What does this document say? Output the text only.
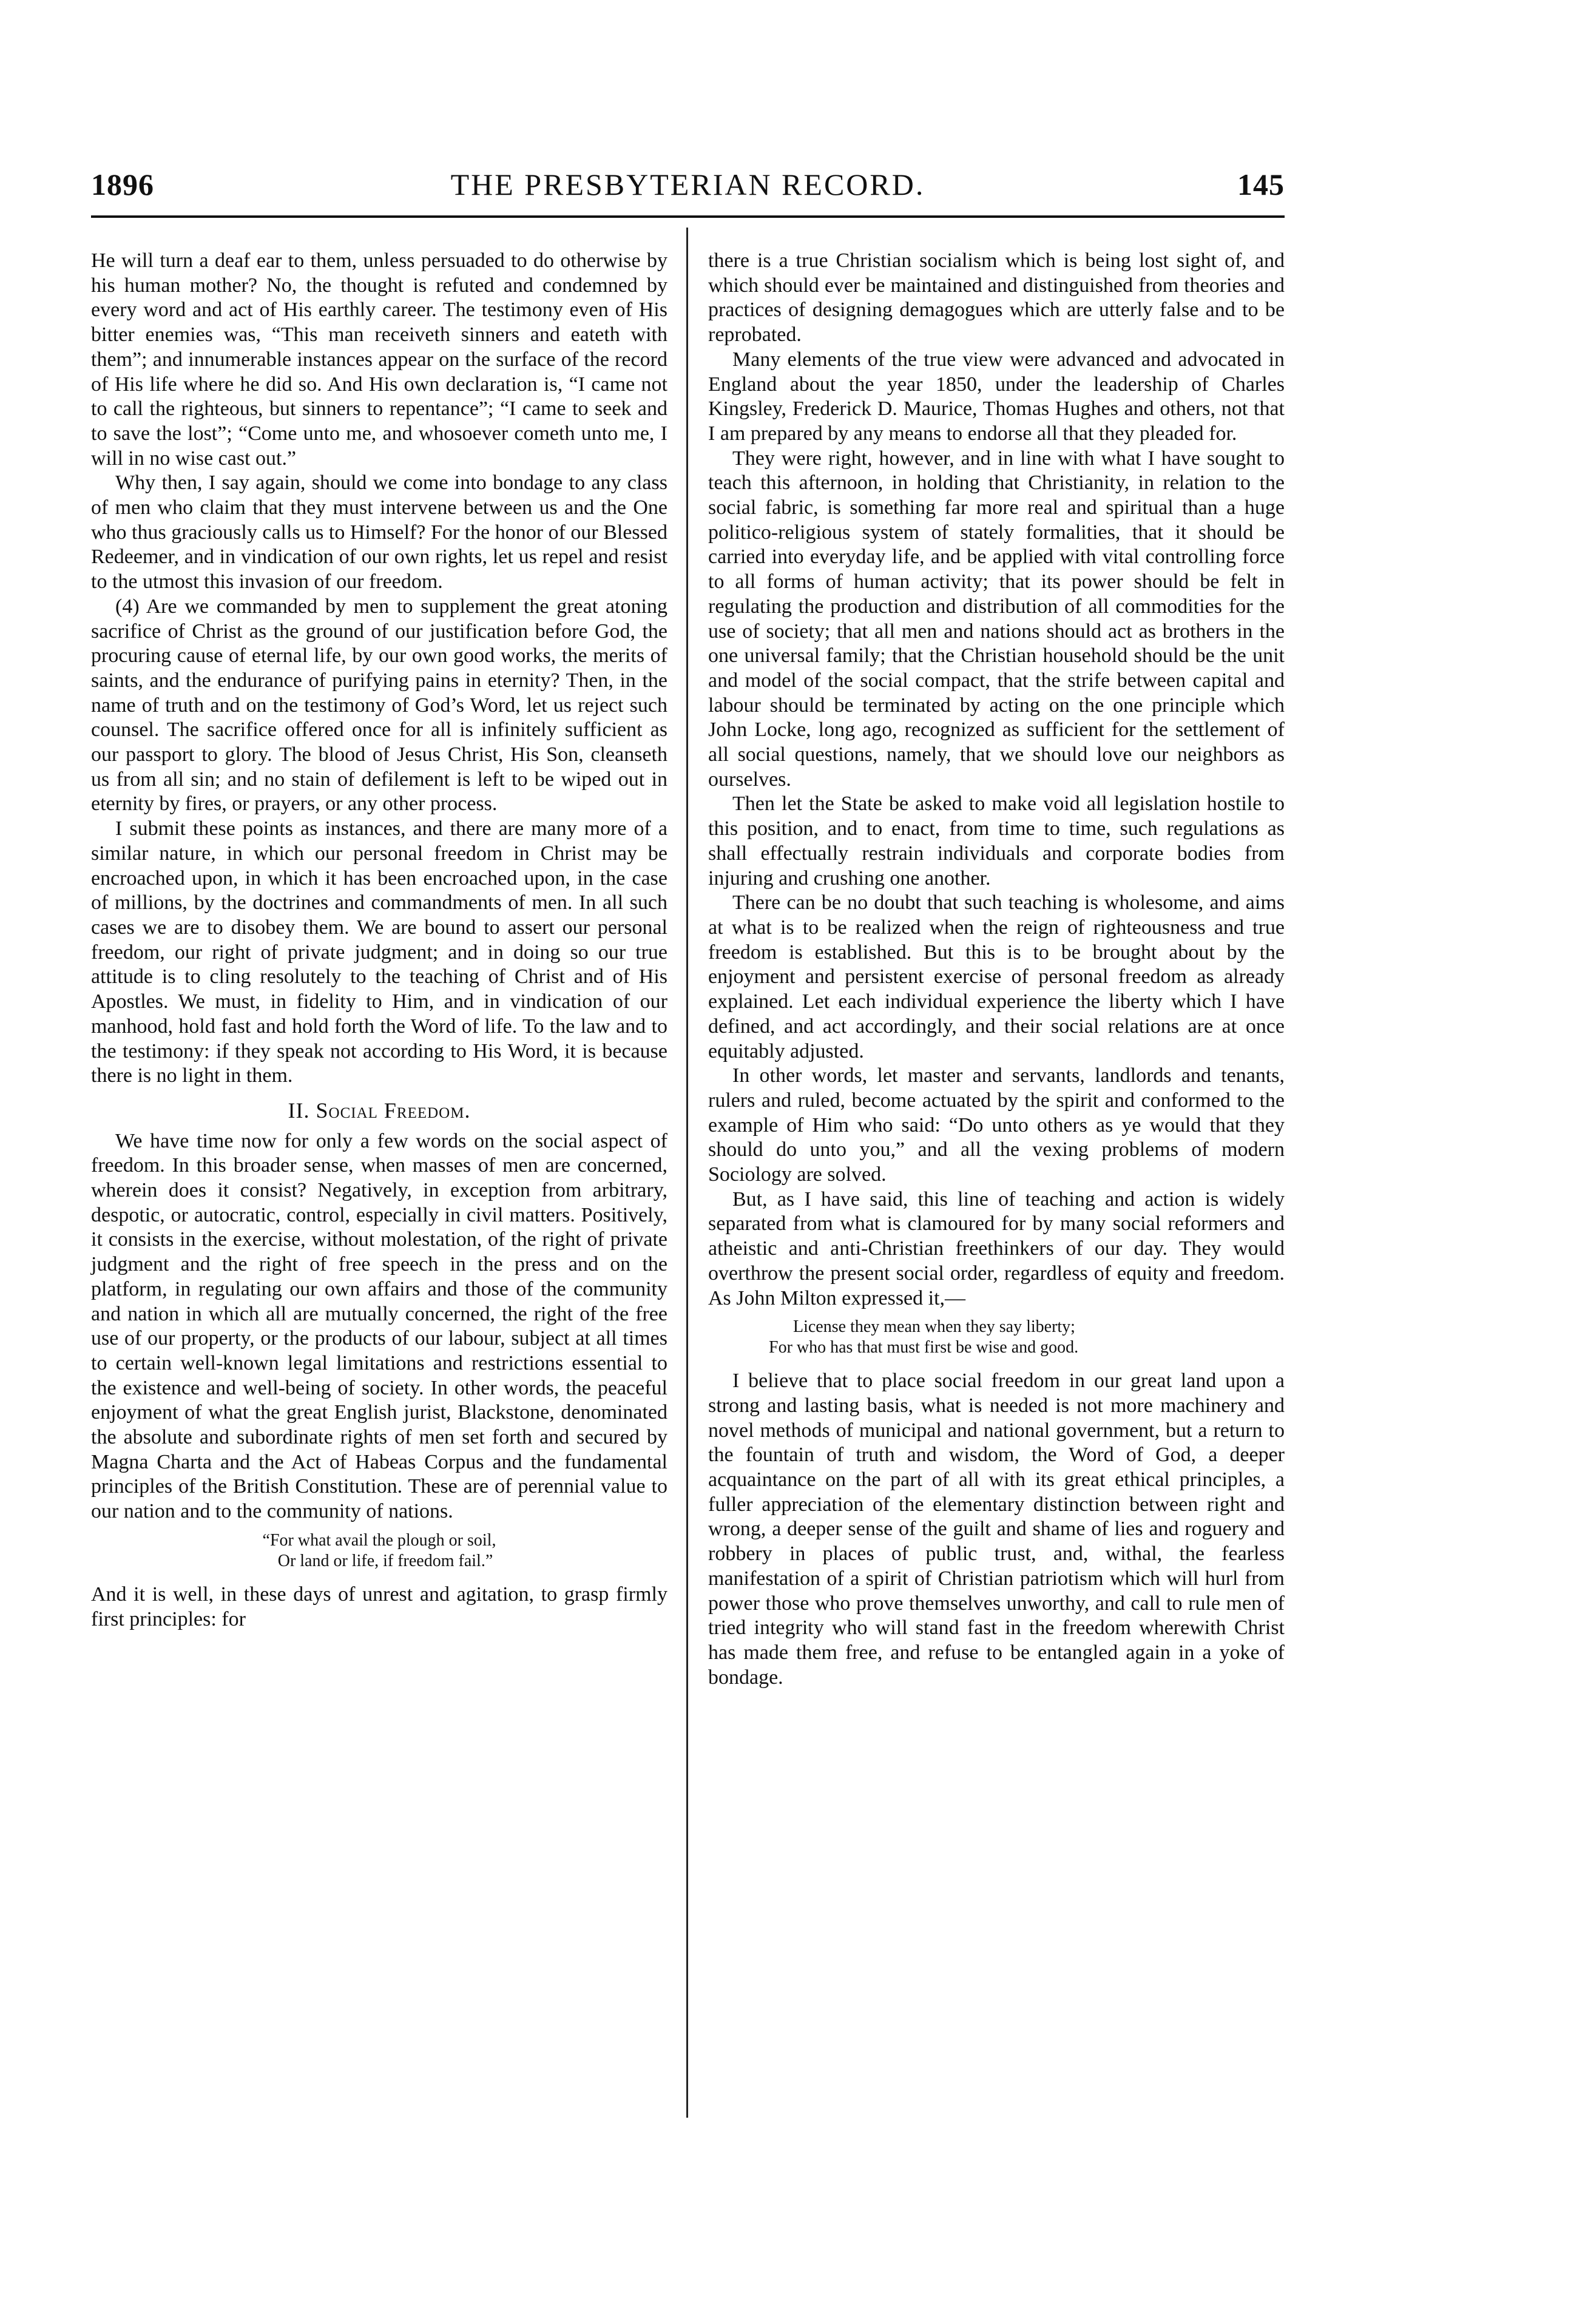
1896	THE PRESBYTERIAN RECORD.	145

He will turn a deaf ear to them, unless persuaded to do otherwise by his human mother? No, the thought is refuted and condemned by every word and act of His earthly career. The testimony even of His bitter enemies was, “This man receiveth sinners and eateth with them”; and innumerable instances appear on the surface of the record of His life where he did so. And His own declaration is, “I came not to call the righteous, but sinners to repentance”; “I came to seek and to save the lost”; “Come unto me, and whosoever cometh unto me, I will in no wise cast out.”

Why then, I say again, should we come into bondage to any class of men who claim that they must intervene between us and the One who thus graciously calls us to Himself? For the honor of our Blessed Redeemer, and in vindication of our own rights, let us repel and resist to the utmost this invasion of our freedom.

(4) Are we commanded by men to supplement the great atoning sacrifice of Christ as the ground of our justification before God, the procuring cause of eternal life, by our own good works, the merits of saints, and the endurance of purifying pains in eternity? Then, in the name of truth and on the testimony of God’s Word, let us reject such counsel. The sacrifice offered once for all is infinitely sufficient as our passport to glory. The blood of Jesus Christ, His Son, cleanseth us from all sin; and no stain of defilement is left to be wiped out in eternity by fires, or prayers, or any other process.

I submit these points as instances, and there are many more of a similar nature, in which our personal freedom in Christ may be encroached upon, in which it has been encroached upon, in the case of millions, by the doctrines and commandments of men. In all such cases we are to disobey them. We are bound to assert our personal freedom, our right of private judgment; and in doing so our true attitude is to cling resolutely to the teaching of Christ and of His Apostles. We must, in fidelity to Him, and in vindication of our manhood, hold fast and hold forth the Word of life. To the law and to the testimony: if they speak not according to His Word, it is because there is no light in them.

II. Social Freedom.

We have time now for only a few words on the social aspect of freedom. In this broader sense, when masses of men are concerned, wherein does it consist? Negatively, in exception from arbitrary, despotic, or autocratic, control, especially in civil matters. Positively, it consists in the exercise, without molestation, of the right of private judgment and the right of free speech in the press and on the platform, in regulating our own affairs and those of the community and nation in which all are mutually concerned, the right of the free use of our property, or the products of our labour, subject at all times to certain well-known legal limitations and restrictions essential to the existence and well-being of society. In other words, the peaceful enjoyment of what the great English jurist, Blackstone, denominated the absolute and subordinate rights of men set forth and secured by Magna Charta and the Act of Habeas Corpus and the fundamental principles of the British Constitution. These are of perennial value to our nation and to the community of nations.

“For what avail the plough or soil,
Or land or life, if freedom fail.”

And it is well, in these days of unrest and agitation, to grasp firmly first principles: for

there is a true Christian socialism which is being lost sight of, and which should ever be maintained and distinguished from theories and practices of designing demagogues which are utterly false and to be reprobated.

Many elements of the true view were advanced and advocated in England about the year 1850, under the leadership of Charles Kingsley, Frederick D. Maurice, Thomas Hughes and others, not that I am prepared by any means to endorse all that they pleaded for.

They were right, however, and in line with what I have sought to teach this afternoon, in holding that Christianity, in relation to the social fabric, is something far more real and spiritual than a huge politico-religious system of stately formalities, that it should be carried into everyday life, and be applied with vital controlling force to all forms of human activity; that its power should be felt in regulating the production and distribution of all commodities for the use of society; that all men and nations should act as brothers in the one universal family; that the Christian household should be the unit and model of the social compact, that the strife between capital and labour should be terminated by acting on the one principle which John Locke, long ago, recognized as sufficient for the settlement of all social questions, namely, that we should love our neighbors as ourselves.

Then let the State be asked to make void all legislation hostile to this position, and to enact, from time to time, such regulations as shall effectually restrain individuals and corporate bodies from injuring and crushing one another.

There can be no doubt that such teaching is wholesome, and aims at what is to be realized when the reign of righteousness and true freedom is established. But this is to be brought about by the enjoyment and persistent exercise of personal freedom as already explained. Let each individual experience the liberty which I have defined, and act accordingly, and their social relations are at once equitably adjusted.

In other words, let master and servants, landlords and tenants, rulers and ruled, become actuated by the spirit and conformed to the example of Him who said: “Do unto others as ye would that they should do unto you,” and all the vexing problems of modern Sociology are solved.

But, as I have said, this line of teaching and action is widely separated from what is clamoured for by many social reformers and atheistic and anti-Christian freethinkers of our day. They would overthrow the present social order, regardless of equity and freedom. As John Milton expressed it,—

License they mean when they say liberty;
For who has that must first be wise and good.

I believe that to place social freedom in our great land upon a strong and lasting basis, what is needed is not more machinery and novel methods of municipal and national government, but a return to the fountain of truth and wisdom, the Word of God, a deeper acquaintance on the part of all with its great ethical principles, a fuller appreciation of the elementary distinction between right and wrong, a deeper sense of the guilt and shame of lies and roguery and robbery in places of public trust, and, withal, the fearless manifestation of a spirit of Christian patriotism which will hurl from power those who prove themselves unworthy, and call to rule men of tried integrity who will stand fast in the freedom wherewith Christ has made them free, and refuse to be entangled again in a yoke of bondage.
